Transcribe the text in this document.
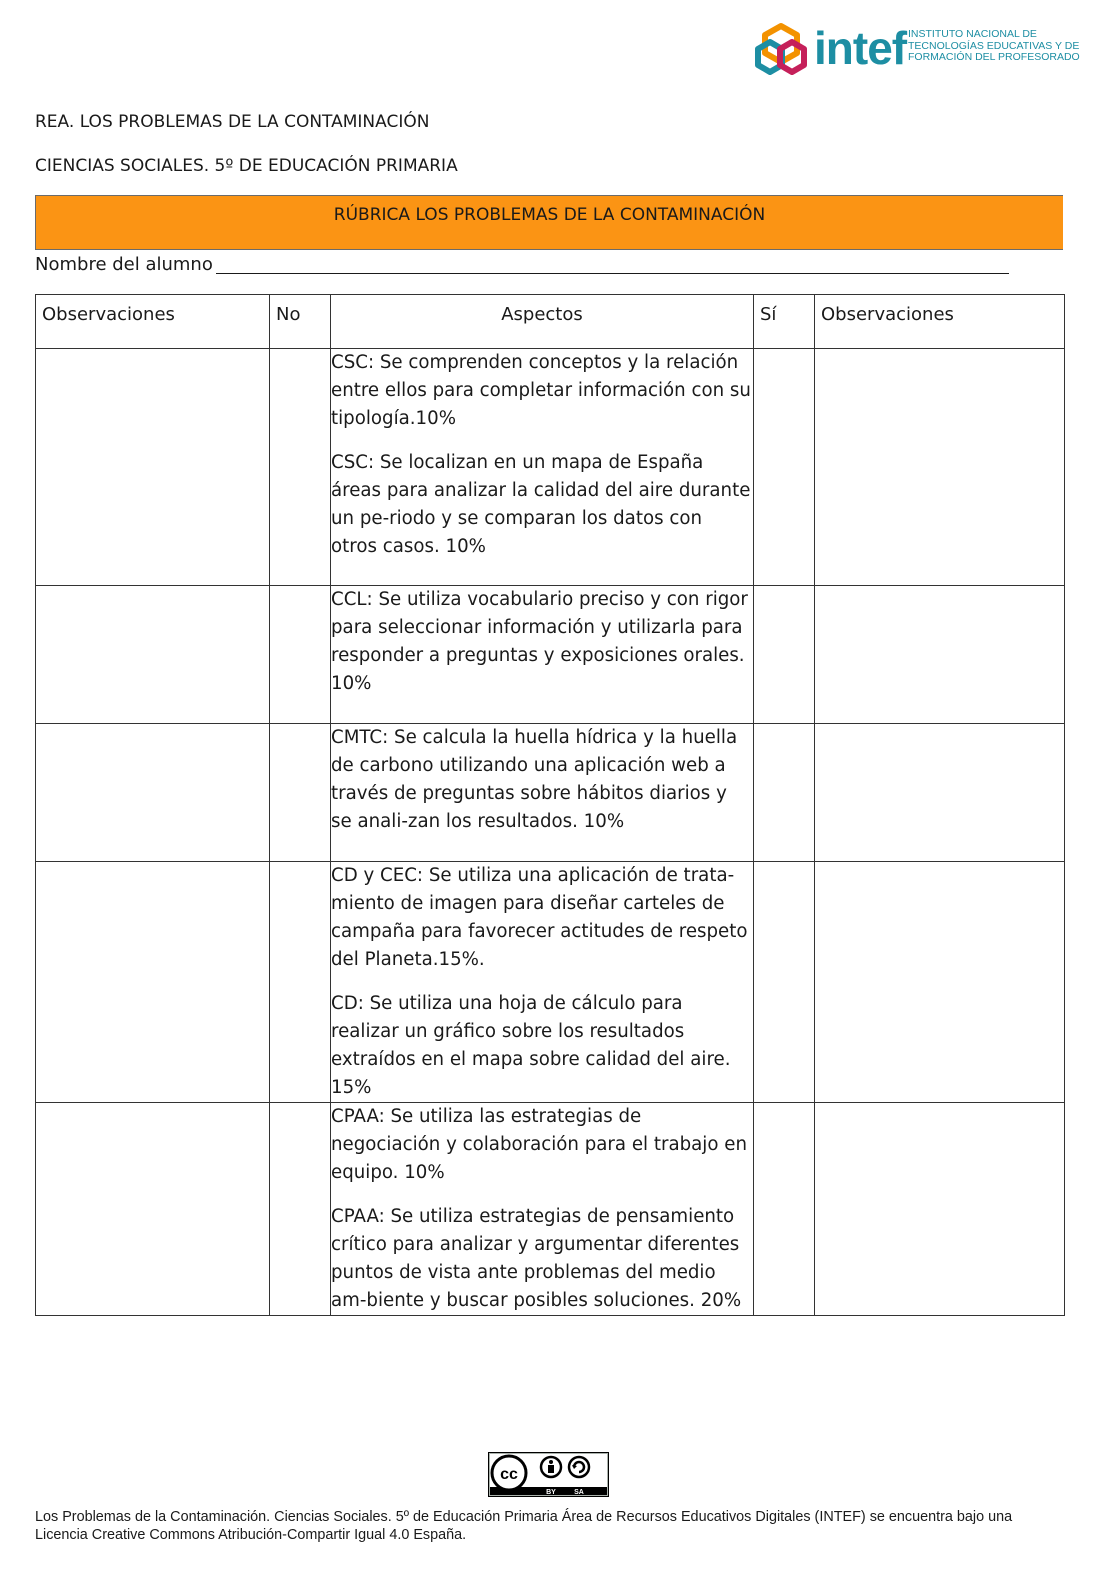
intef INSTITUTO NACIONAL DE
TECNOLOGÍAS EDUCATIVAS Y DE
FORMACIÓN DEL PROFESORADO
REA. LOS PROBLEMAS DE LA CONTAMINACIÓN
CIENCIAS SOCIALES. 5º DE EDUCACIÓN PRIMARIA
RÚBRICA LOS PROBLEMAS DE LA CONTAMINACIÓN
Nombre del alumno
Observaciones	No	Aspectos	Sí	Observaciones

		CSC: Se comprenden conceptos y la relación entre ellos para completar información con su tipología.10%

CSC: Se localizan en un mapa de España áreas para analizar la calidad del aire durante un pe-riodo y se comparan los datos con otros casos. 10%		

		CCL: Se utiliza vocabulario preciso y con rigor para seleccionar información y utilizarla para responder a preguntas y exposiciones orales. 10%		

		CMTC: Se calcula la huella hídrica y la huella de carbono utilizando una aplicación web a través de preguntas sobre hábitos diarios y se anali-zan los resultados. 10%		

		CD y CEC: Se utiliza una aplicación de trata-miento de imagen para diseñar carteles de campaña para favorecer actitudes de respeto del Planeta.15%.

CD: Se utiliza una hoja de cálculo para realizar un gráfico sobre los resultados extraídos en el mapa sobre calidad del aire. 15%		

		CPAA: Se utiliza las estrategias de negociación y colaboración para el trabajo en equipo. 10%

CPAA: Se utiliza estrategias de pensamiento crítico para analizar y argumentar diferentes puntos de vista ante problemas del medio am-biente y buscar posibles soluciones. 20%		

cc
BY	SA
Los Problemas de la Contaminación. Ciencias Sociales. 5º de Educación Primaria Área de Recursos Educativos Digitales (INTEF) se encuentra bajo una Licencia Creative Commons Atribución-Compartir Igual 4.0 España.
